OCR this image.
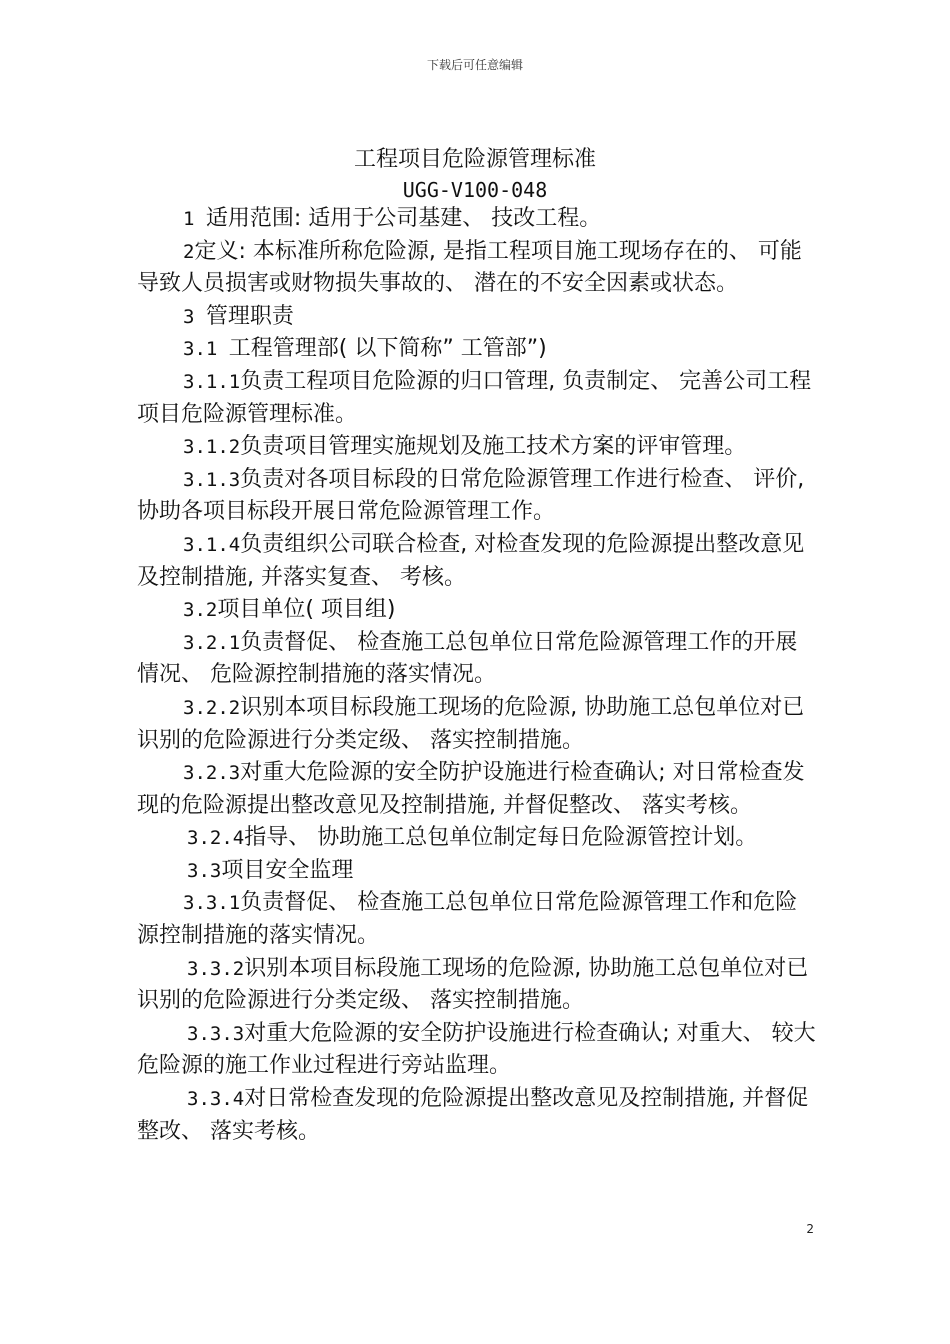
下载后可任意编辑
工程项目危险源管理标准
UGG-V100-048

1 适用范围: 适用于公司基建、 技改工程。

2定义: 本标准所称危险源, 是指工程项目施工现场存在的、 可能导致人员损害或财物损失事故的、 潜在的不安全因素或状态。

3 管理职责

3.1 工程管理部( 以下简称” 工管部”)

3.1.1负责工程项目危险源的归口管理, 负责制定、 完善公司工程项目危险源管理标准。

3.1.2负责项目管理实施规划及施工技术方案的评审管理。

3.1.3负责对各项目标段的日常危险源管理工作进行检查、 评价, 协助各项目标段开展日常危险源管理工作。

3.1.4负责组织公司联合检查, 对检查发现的危险源提出整改意见及控制措施, 并落实复查、 考核。

3.2项目单位( 项目组)

3.2.1负责督促、 检查施工总包单位日常危险源管理工作的开展情况、 危险源控制措施的落实情况。

3.2.2识别本项目标段施工现场的危险源, 协助施工总包单位对已识别的危险源进行分类定级、 落实控制措施。

3.2.3对重大危险源的安全防护设施进行检查确认; 对日常检查发现的危险源提出整改意见及控制措施, 并督促整改、 落实考核。

3.2.4指导、 协助施工总包单位制定每日危险源管控计划。

3.3项目安全监理

3.3.1负责督促、 检查施工总包单位日常危险源管理工作和危险

源控制措施的落实情况。

3.3.2识别本项目标段施工现场的危险源, 协助施工总包单位对已识别的危险源进行分类定级、 落实控制措施。

3.3.3对重大危险源的安全防护设施进行检查确认; 对重大、 较大危险源的施工作业过程进行旁站监理。

3.3.4对日常检查发现的危险源提出整改意见及控制措施, 并督促整改、 落实考核。

2
